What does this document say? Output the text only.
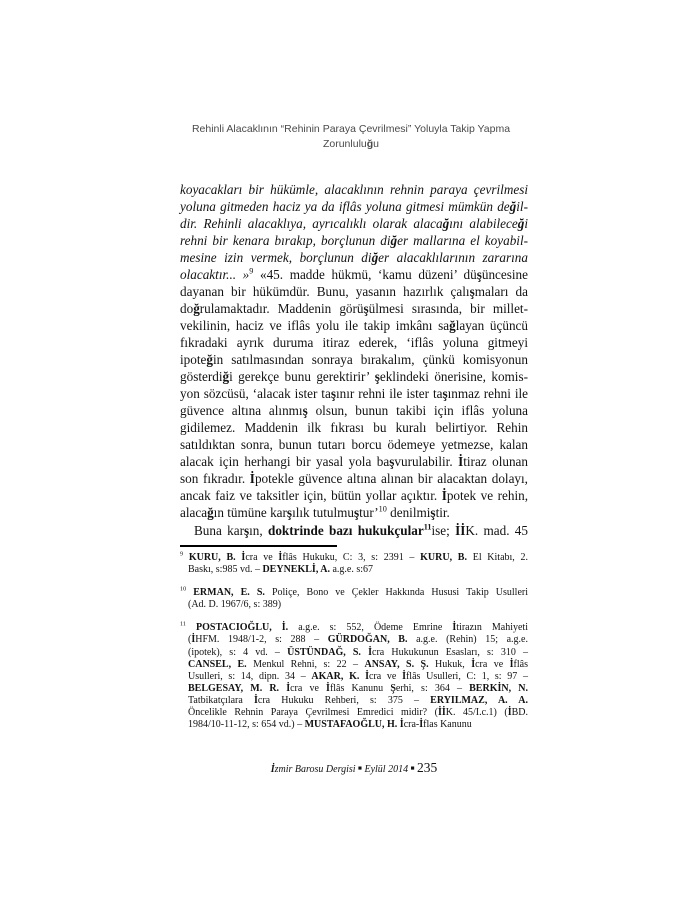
Rehinli Alacaklının “Rehinin Paraya Çevrilmesi” Yoluyla Takip Yapma
Zorunluluğu
koyacakları bir hükümle, alacaklının rehnin paraya çevrilmesi
yoluna gitmeden haciz ya da iflâs yoluna gitmesi mümkün değil-
dir. Rehinli alacaklıya, ayrıcalıklı olarak alacağını alabileceği
rehni bir kenara bırakıp, borçlunun diğer mallarına el koyabil-
mesine izin vermek, borçlunun diğer alacaklılarının zararına
olacaktır... »$^9$ «45. madde hükmü, ‘kamu düzeni’ düşüncesine
dayanan bir hükümdür. Bunu, yasanın hazırlık çalışmaları da
doğrulamaktadır. Maddenin görüşülmesi sırasında, bir millet-
vekilinin, haciz ve iflâs yolu ile takip imkânı sağlayan üçüncü
fıkradaki ayrık duruma itiraz ederek, ‘iflâs yoluna gitmeyi
ipoteğin satılmasından sonraya bırakalım, çünkü komisyonun
gösterdiği gerekçe bunu gerektirir’ şeklindeki önerisine, komis-
yon sözcüsü, ‘alacak ister taşınır rehni ile ister taşınmaz rehni ile
güvence altına alınmış olsun, bunun takibi için iflâs yoluna
gidilemez. Maddenin ilk fıkrası bu kuralı belirtiyor. Rehin
satıldıktan sonra, bunun tutarı borcu ödemeye yetmezse, kalan
alacak için herhangi bir yasal yola başvurulabilir. İtiraz olunan
son fıkradır. İpotekle güvence altına alınan bir alacaktan dolayı,
ancak faiz ve taksitler için, bütün yollar açıktır. İpotek ve rehin,
alacağın tümüne karşılık tutulmuştur’$^{10}$ denilmiştir.
Buna karşın, doktrinde bazı hukukçular$^{11}$ise; İİK. mad. 45
$^9$ KURU, B. İcra ve İflâs Hukuku, C: 3, s: 2391 – KURU, B. El Kitabı, 2.
Baskı, s:985 vd. – DEYNEKLİ, A. a.g.e. s:67
$^{10}$ ERMAN, E. S. Poliçe, Bono ve Çekler Hakkında Hususi Takip Usulleri
(Ad. D. 1967/6, s: 389)
$^{11}$ POSTACIOĞLU, İ. a.g.e. s: 552, Ödeme Emrine İtirazın Mahiyeti
(İHFM. 1948/1-2, s: 288 – GÜRDOĞAN, B. a.g.e. (Rehin) 15; a.g.e.
(ipotek), s: 4 vd. – ÜSTÜNDAĞ, S. İcra Hukukunun Esasları, s: 310 –
CANSEL, E. Menkul Rehni, s: 22 – ANSAY, S. Ş. Hukuk, İcra ve İflâs
Usulleri, s: 14, dipn. 34 – AKAR, K. İcra ve İflâs Usulleri, C: 1, s: 97 –
BELGESAY, M. R. İcra ve İflâs Kanunu Şerhi, s: 364 – BERKİN, N.
Tatbikatçılara İcra Hukuku Rehberi, s: 375 – ERYILMAZ, A. A.
Öncelikle Rehnin Paraya Çevrilmesi Emredici midir? (İİK. 45/I.c.1) (İBD.
1984/10-11-12, s: 654 vd.) – MUSTAFAOĞLU, H. İcra-İflas Kanunu
İzmir Barosu Dergisi ■ Eylül 2014 ■ 235
